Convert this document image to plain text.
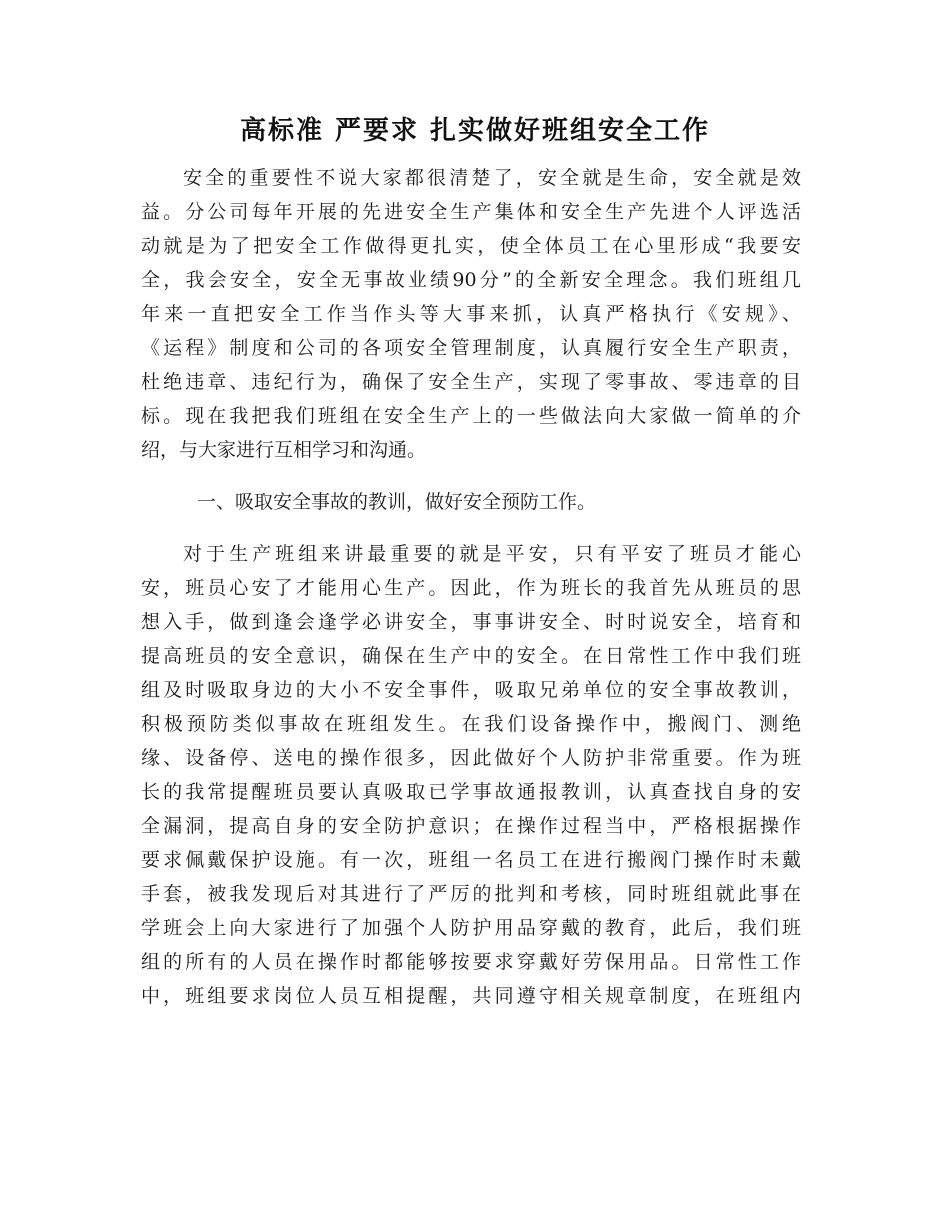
高标准 严要求 扎实做好班组安全工作

安全的重要性不说大家都很清楚了，安全就是生命，安全就是效

益。分公司每年开展的先进安全生产集体和安全生产先进个人评选活

动就是为了把安全工作做得更扎实，使全体员工在心里形成“我要安

全，我会安全，安全无事故业绩90分”的全新安全理念。我们班组几

年来一直把安全工作当作头等大事来抓，认真严格执行《安规》、

《运程》制度和公司的各项安全管理制度，认真履行安全生产职责，

杜绝违章、违纪行为，确保了安全生产，实现了零事故、零违章的目

标。现在我把我们班组在安全生产上的一些做法向大家做一简单的介

绍，与大家进行互相学习和沟通。

一、吸取安全事故的教训，做好安全预防工作。

对于生产班组来讲最重要的就是平安，只有平安了班员才能心

安，班员心安了才能用心生产。因此，作为班长的我首先从班员的思

想入手，做到逢会逢学必讲安全，事事讲安全、时时说安全，培育和

提高班员的安全意识，确保在生产中的安全。在日常性工作中我们班

组及时吸取身边的大小不安全事件，吸取兄弟单位的安全事故教训，

积极预防类似事故在班组发生。在我们设备操作中，搬阀门、测绝

缘、设备停、送电的操作很多，因此做好个人防护非常重要。作为班

长的我常提醒班员要认真吸取已学事故通报教训，认真查找自身的安

全漏洞，提高自身的安全防护意识；在操作过程当中，严格根据操作

要求佩戴保护设施。有一次，班组一名员工在进行搬阀门操作时未戴

手套，被我发现后对其进行了严厉的批判和考核，同时班组就此事在

学班会上向大家进行了加强个人防护用品穿戴的教育，此后，我们班

组的所有的人员在操作时都能够按要求穿戴好劳保用品。日常性工作

中，班组要求岗位人员互相提醒，共同遵守相关规章制度，在班组内
